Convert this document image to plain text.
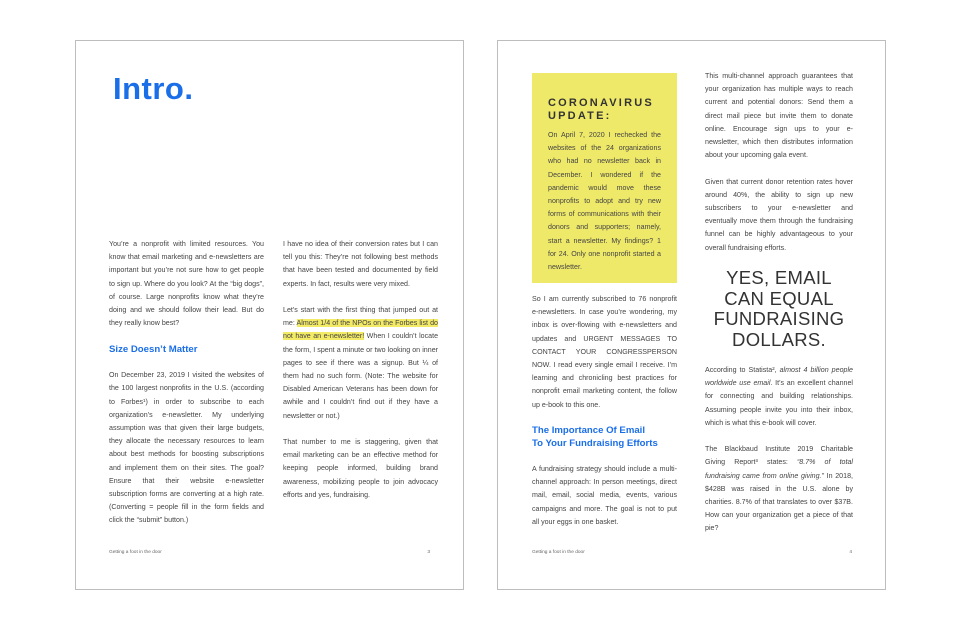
Intro.

You’re a nonprofit with limited resources. You know that email marketing and e-newsletters are important but you’re not sure how to get people to sign up. Where do you look? At the “big dogs”, of course. Large nonprofits know what they’re doing and we should follow their lead. But do they really know best?

Size Doesn’t Matter

On December 23, 2019 I visited the websites of the 100 largest nonprofits in the U.S. (according to Forbes¹) in order to subscribe to each organization’s e-newsletter. My underlying assumption was that given their large budgets, they allocate the necessary resources to learn about best methods for boosting subscriptions and implement them on their sites. The goal? Ensure that their website e-newsletter subscription forms are converting at a high rate. (Converting = people fill in the form fields and click the “submit” button.)

I have no idea of their conversion rates but I can tell you this: They’re not following best methods that have been tested and documented by field experts. In fact, results were very mixed.

Let’s start with the first thing that jumped out at me: Almost 1/4 of the NPOs on the Forbes list do not have an e-newsletter! When I couldn’t locate the form, I spent a minute or two looking on inner pages to see if there was a signup. But ¼ of them had no such form. (Note: The website for Disabled American Veterans has been down for awhile and I couldn’t find out if they have a newsletter or not.)

That number to me is staggering, given that email marketing can be an effective method for keeping people informed, building brand awareness, mobilizing people to join advocacy efforts and yes, fundraising.

Getting a foot in the door	3
CORONAVIRUS
UPDATE:
On April 7, 2020 I rechecked the websites of the 24 organizations who had no newsletter back in December. I wondered if the pandemic would move these nonprofits to adopt and try new forms of communications with their donors and supporters; namely, start a newsletter. My findings? 1 for 24. Only one nonprofit started a newsletter.

So I am currently subscribed to 76 nonprofit e-newsletters. In case you’re wondering, my inbox is over-flowing with e-newsletters and updates and URGENT MESSAGES TO CONTACT YOUR CONGRESSPERSON NOW. I read every single email I receive. I’m learning and chronicling best practices for nonprofit email marketing content, the follow up e-book to this one.

The Importance Of Email
To Your Fundraising Efforts

A fundraising strategy should include a multi-channel approach: In person meetings, direct mail, email, social media, events, various campaigns and more. The goal is not to put all your eggs in one basket.

This multi-channel approach guarantees that your organization has multiple ways to reach current and potential donors: Send them a direct mail piece but invite them to donate online. Encourage sign ups to your e-newsletter, which then distributes information about your upcoming gala event.

Given that current donor retention rates hover around 40%, the ability to sign up new subscribers to your e-newsletter and eventually move them through the fundraising funnel can be highly advantageous to your overall fundraising efforts.

YES, EMAIL
CAN EQUAL
FUNDRAISING
DOLLARS.

According to Statista², almost 4 billion people worldwide use email. It’s an excellent channel for connecting and building relationships. Assuming people invite you into their inbox, which is what this e-book will cover.

The Blackbaud Institute 2019 Charitable Giving Report³ states: “8.7% of total fundraising came from online giving.” In 2018, $428B was raised in the U.S. alone by charities. 8.7% of that translates to over $37B. How can your organization get a piece of that pie?

Getting a foot in the door	4
